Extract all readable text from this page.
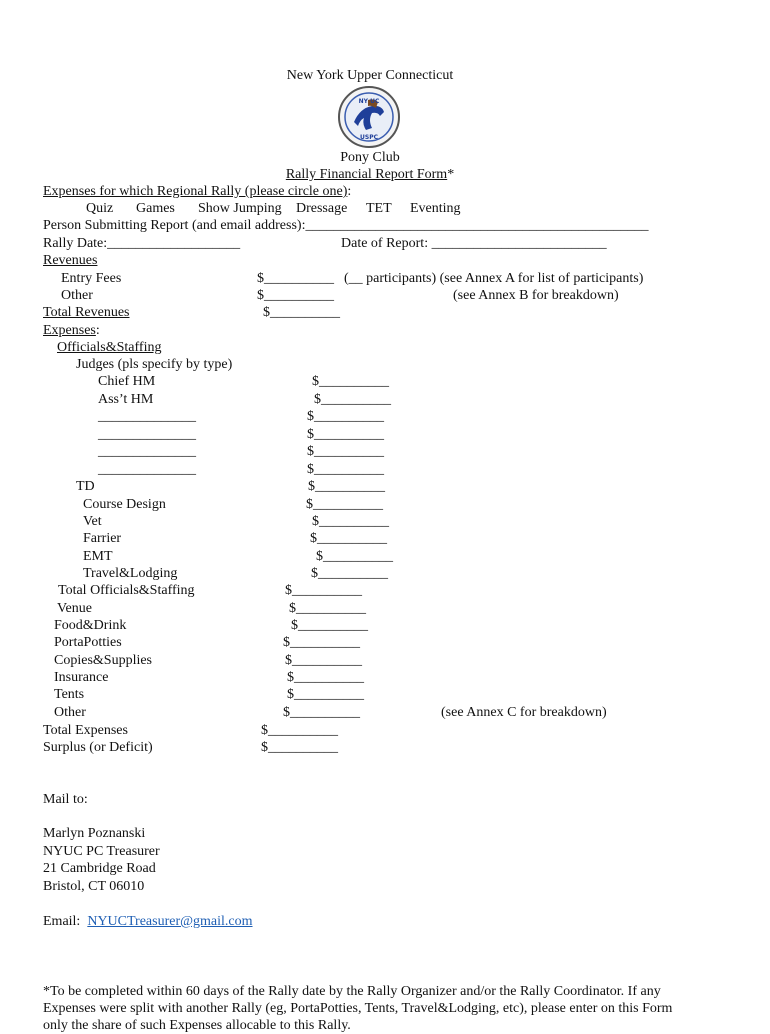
New York Upper Connecticut
NY UC
USPC
Pony Club
Rally Financial Report Form*
Expenses for which Regional Rally (please circle one):
Quiz Games Show Jumping Dressage TET Eventing
Person Submitting Report (and email address):_________________________________________________
Rally Date:___________________	Date of Report: _________________________
Revenues
Entry Fees	$__________ (__ participants) (see Annex A for list of participants)
Other	$__________	(see Annex B for breakdown)
Total Revenues	$__________
Expenses:
Officials&Staffing
Judges (pls specify by type)
Chief HM	$__________
Ass’t HM	$__________
______________	$__________
______________	$__________
______________	$__________
______________	$__________
TD	$__________
Course Design	$__________
Vet	$__________
Farrier	$__________
EMT	$__________
Travel&Lodging	$__________
Total Officials&Staffing	$__________
Venue	$__________
Food&Drink	$__________
PortaPotties	$__________
Copies&Supplies	$__________
Insurance	$__________
Tents	$__________
Other	$__________	(see Annex C for breakdown)
Total Expenses	$__________
Surplus (or Deficit)	$__________
Mail to:
Marlyn Poznanski
NYUC PC Treasurer
21 Cambridge Road
Bristol, CT 06010
Email: NYUCTreasurer@gmail.com
*To be completed within 60 days of the Rally date by the Rally Organizer and/or the Rally Coordinator. If any
Expenses were split with another Rally (eg, PortaPotties, Tents, Travel&Lodging, etc), please enter on this Form
only the share of such Expenses allocable to this Rally.
